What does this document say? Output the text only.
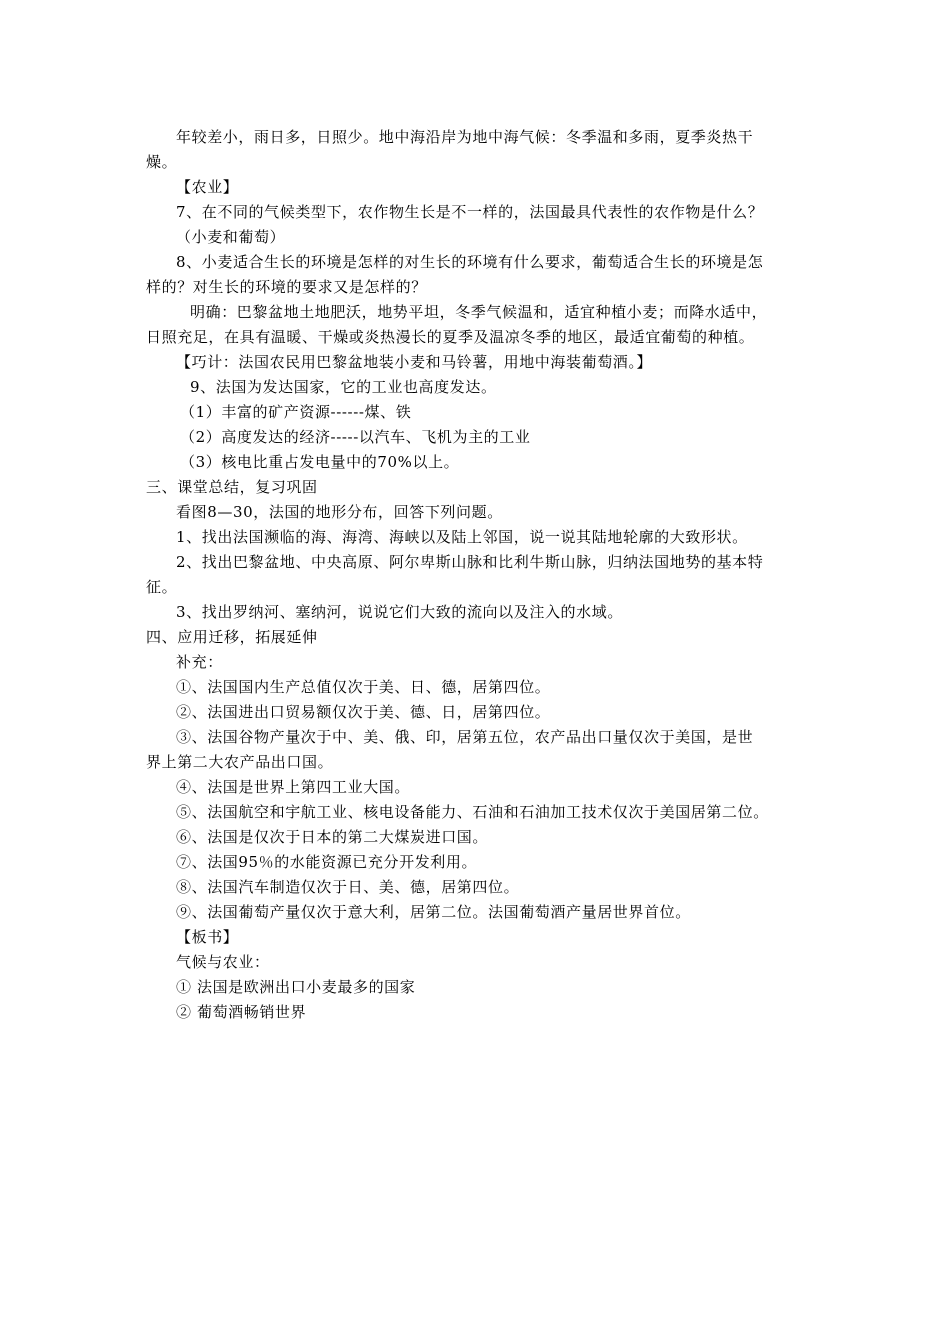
年较差小，雨日多，日照少。地中海沿岸为地中海气候：冬季温和多雨，夏季炎热干
燥。
【农业】
7、在不同的气候类型下，农作物生长是不一样的，法国最具代表性的农作物是什么？
（小麦和葡萄）
8、小麦适合生长的环境是怎样的对生长的环境有什么要求，葡萄适合生长的环境是怎
样的？对生长的环境的要求又是怎样的？
明确：巴黎盆地土地肥沃，地势平坦，冬季气候温和，适宜种植小麦；而降水适中，
日照充足，在具有温暖、干燥或炎热漫长的夏季及温凉冬季的地区，最适宜葡萄的种植。
【巧计：法国农民用巴黎盆地装小麦和马铃薯，用地中海装葡萄酒。】
9、法国为发达国家，它的工业也高度发达。
（1）丰富的矿产资源------煤、铁
（2）高度发达的经济-----以汽车、飞机为主的工业
（3）核电比重占发电量中的70%以上。
三、课堂总结，复习巩固
看图8—30，法国的地形分布，回答下列问题。
1、找出法国濒临的海、海湾、海峡以及陆上邻国，说一说其陆地轮廓的大致形状。
2、找出巴黎盆地、中央高原、阿尔卑斯山脉和比利牛斯山脉，归纳法国地势的基本特
征。
3、找出罗纳河、塞纳河，说说它们大致的流向以及注入的水域。
四、应用迁移，拓展延伸
补充：
①、法国国内生产总值仅次于美、日、德，居第四位。
②、法国进出口贸易额仅次于美、德、日，居第四位。
③、法国谷物产量次于中、美、俄、印，居第五位，农产品出口量仅次于美国，是世
界上第二大农产品出口国。
④、法国是世界上第四工业大国。
⑤、法国航空和宇航工业、核电设备能力、石油和石油加工技术仅次于美国居第二位。
⑥、法国是仅次于日本的第二大煤炭进口国。
⑦、法国95％的水能资源已充分开发利用。
⑧、法国汽车制造仅次于日、美、德，居第四位。
⑨、法国葡萄产量仅次于意大利，居第二位。法国葡萄酒产量居世界首位。
【板书】
气候与农业：
① 法国是欧洲出口小麦最多的国家
② 葡萄酒畅销世界
